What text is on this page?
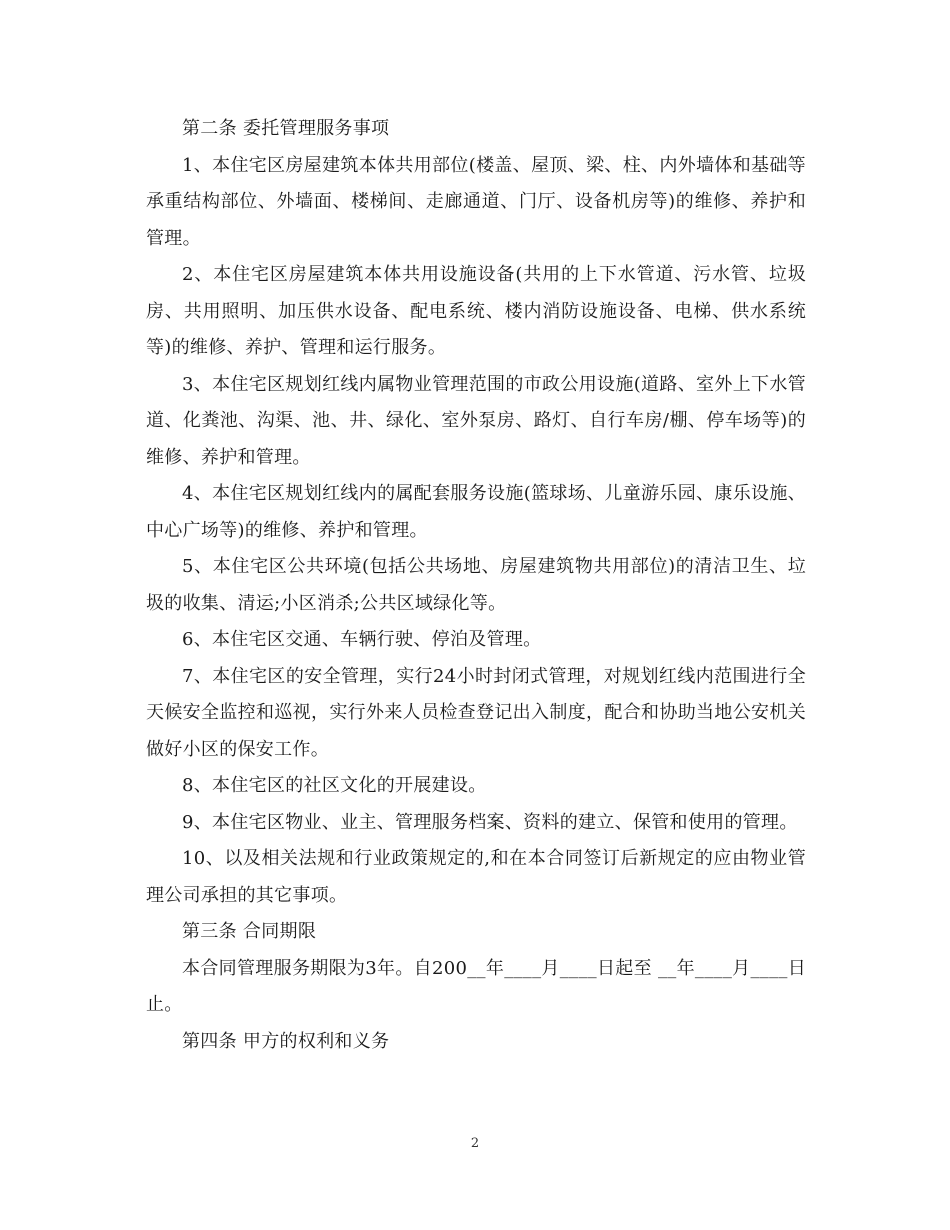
第二条 委托管理服务事项

1、本住宅区房屋建筑本体共用部位(楼盖、屋顶、梁、柱、内外墙体和基础等承重结构部位、外墙面、楼梯间、走廊通道、门厅、设备机房等)的维修、养护和管理。

2、本住宅区房屋建筑本体共用设施设备(共用的上下水管道、污水管、垃圾房、共用照明、加压供水设备、配电系统、楼内消防设施设备、电梯、供水系统等)的维修、养护、管理和运行服务。

3、本住宅区规划红线内属物业管理范围的市政公用设施(道路、室外上下水管道、化粪池、沟渠、池、井、绿化、室外泵房、路灯、自行车房/棚、停车场等)的维修、养护和管理。

4、本住宅区规划红线内的属配套服务设施(篮球场、儿童游乐园、康乐设施、中心广场等)的维修、养护和管理。

5、本住宅区公共环境(包括公共场地、房屋建筑物共用部位)的清洁卫生、垃圾的收集、清运;小区消杀;公共区域绿化等。

6、本住宅区交通、车辆行驶、停泊及管理。

7、本住宅区的安全管理，实行24小时封闭式管理，对规划红线内范围进行全天候安全监控和巡视，实行外来人员检查登记出入制度，配合和协助当地公安机关做好小区的保安工作。

8、本住宅区的社区文化的开展建设。

9、本住宅区物业、业主、管理服务档案、资料的建立、保管和使用的管理。

10、以及相关法规和行业政策规定的,和在本合同签订后新规定的应由物业管理公司承担的其它事项。

第三条 合同期限

本合同管理服务期限为3年。自200__年____月____日起至 __年____月____日止。

第四条 甲方的权利和义务

2
